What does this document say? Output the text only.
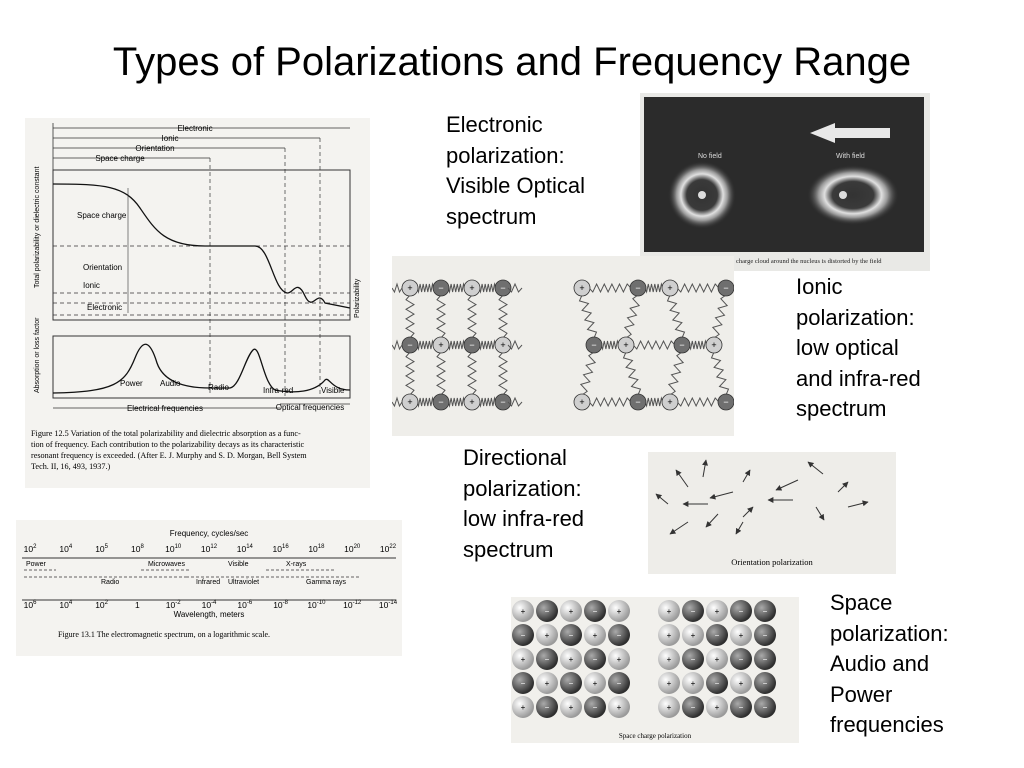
Types of Polarizations and Frequency Range
Electronic
polarization:
Visible Optical
spectrum
Ionic
polarization:
low optical
and infra-red
spectrum
Directional
polarization:
low infra-red
spectrum
Space
polarization:
Audio and
Power
frequencies
Electronic
Ionic
Orientation
Space charge
Space charge
Orientation
Ionic
Electronic
Total polarizability or dielectric constant
Polarizability
Absorption or loss factor	Power Audio	Radio	Infra-red	Visible
Electrical frequencies	Optical frequencies
Figure 12.5 Variation of the total polarizability and dielectric absorption as a func-
tion of frequency. Each contribution to the polarizability decays as its characteristic
resonant frequency is exceeded. (After E. J. Murphy and S. D. Morgan, Bell System
Tech. II, 16, 493, 1937.)
Frequency, cycles/sec
$10^2$	$10^4$	$10^5$	$10^8$	$10^{10}$ $10^{12}$ $10^{14}$ $10^{16}$ $10^{18}$ $10^{20}$ $10^{22}$
Power	Microwaves	Visible	X-rays
Radio	Infrared Ultraviolet	Gamma rays
$10^6$	$10^4$	$10^2$	1	$10^{-2}$ $10^{-4}$ $10^{-6}$ $10^{-8}$ $10^{-10}$ $10^{-12}$ $10^{-14}$
Wavelength, meters
Figure 13.1 The electromagnetic spectrum, on a logarithmic scale.
No field	With field
charge cloud around the nucleus is distorted by the field
+	−	+	−
−	+	−	+
+	−	+	−
+	−	+	−
−	+	−	+
+	−	+	−
Orientation polarization
Space charge polarization
+ − + − +
− + − + −
+ − + − +
− + − + −
+ − + − +
+ − + − −
+ + − + −
+ − + − −
+ + − + −
+ − + − −
